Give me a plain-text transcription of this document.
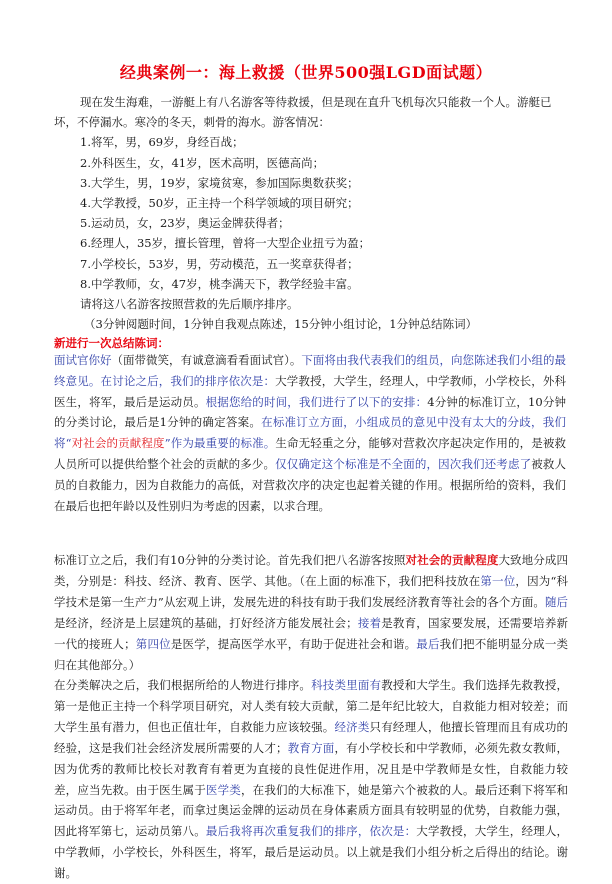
经典案例一：海上救援（世界500强LGD面试题）

现在发生海难，一游艇上有八名游客等待救援，但是现在直升飞机每次只能救一个人。游艇已坏，不停漏水。寒冷的冬天，刺骨的海水。游客情况：

1.将军，男，69岁，身经百战；
2.外科医生，女，41岁，医术高明，医德高尚；
3.大学生，男，19岁，家境贫寒，参加国际奥数获奖；
4.大学教授，50岁，正主持一个科学领域的项目研究；
5.运动员，女，23岁，奥运金牌获得者；
6.经理人，35岁，擅长管理，曾将一大型企业扭亏为盈；
7.小学校长，53岁，男，劳动模范，五一奖章获得者；
8.中学教师，女，47岁，桃李满天下，教学经验丰富。

请将这八名游客按照营救的先后顺序排序。

（3分钟阅题时间，1分钟自我观点陈述，15分钟小组讨论，1分钟总结陈词）

新进行一次总结陈词：

面试官你好（面带微笑，有诚意滴看看面试官）。下面将由我代表我们的组员，向您陈述我们小组的最终意见。在讨论之后，我们的排序依次是：大学教授，大学生，经理人，中学教师，小学校长，外科医生，将军，最后是运动员。根据您给的时间，我们进行了以下的安排：4分钟的标准订立，10分钟的分类讨论，最后是1分钟的确定答案。在标准订立方面，小组成员的意见中没有太大的分歧，我们将“对社会的贡献程度”作为最重要的标准。生命无轻重之分，能够对营救次序起决定作用的，是被救人员所可以提供给整个社会的贡献的多少。仅仅确定这个标准是不全面的，因次我们还考虑了被救人员的自救能力，因为自救能力的高低，对营救次序的决定也起着关键的作用。根据所给的资料，我们在最后也把年龄以及性别归为考虑的因素，以求合理。

标准订立之后，我们有10分钟的分类讨论。首先我们把八名游客按照对社会的贡献程度大致地分成四类，分别是：科技、经济、教育、医学、其他。（在上面的标准下，我们把科技放在第一位，因为“科学技术是第一生产力”从宏观上讲，发展先进的科技有助于我们发展经济教育等社会的各个方面。随后是经济，经济是上层建筑的基础，打好经济方能发展社会；接着是教育，国家要发展，还需要培养新一代的接班人；第四位是医学，提高医学水平，有助于促进社会和谐。最后我们把不能明显分成一类归在其他部分。）

在分类解决之后，我们根据所给的人物进行排序。科技类里面有教授和大学生。我们选择先救教授，第一是他正主持一个科学项目研究，对人类有较大贡献，第二是年纪比较大，自救能力相对较差；而大学生虽有潜力，但也正值壮年，自救能力应该较强。经济类只有经理人，他擅长管理而且有成功的经验，这是我们社会经济发展所需要的人才；教育方面，有小学校长和中学教师，必须先救女教师，因为优秀的教师比校长对教育有着更为直接的良性促进作用，况且是中学教师是女性，自救能力较差，应当先救。由于医生属于医学类，在我们的大标准下，她是第六个被救的人。最后还剩下将军和运动员。由于将军年老，而拿过奥运金牌的运动员在身体素质方面具有较明显的优势，自救能力强，因此将军第七，运动员第八。最后我将再次重复我们的排序，依次是：大学教授，大学生，经理人，中学教师，小学校长，外科医生，将军，最后是运动员。以上就是我们小组分析之后得出的结论。谢谢。
